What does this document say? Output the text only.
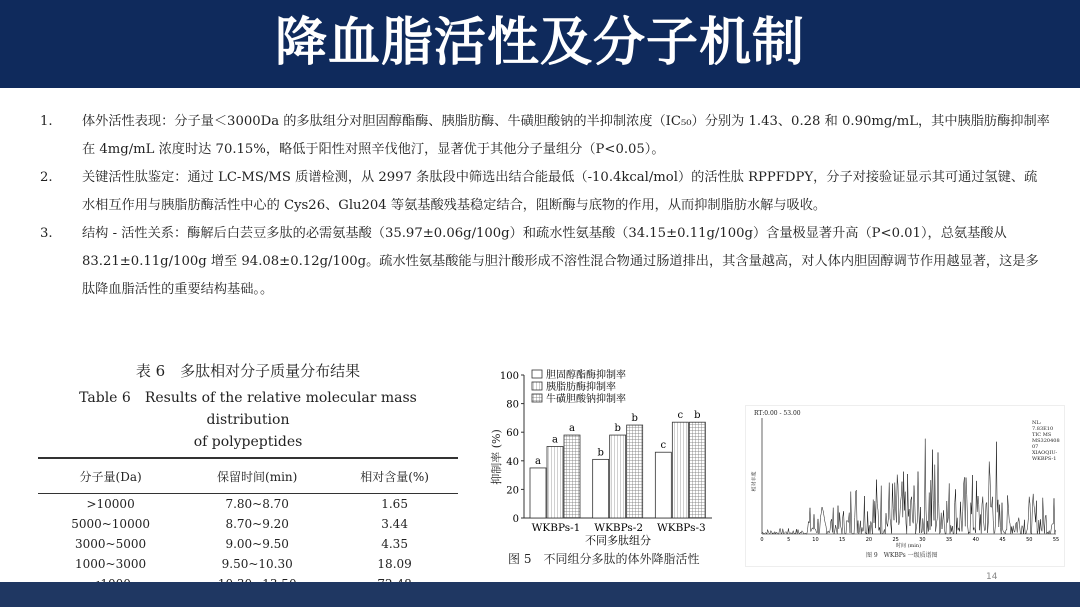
降血脂活性及分子机制
1. 体外活性表现：分子量＜3000Da 的多肽组分对胆固醇酯酶、胰脂肪酶、牛磺胆酸钠的半抑制浓度（IC₅₀）分别为 1.43、0.28 和 0.90mg/mL，其中胰脂肪酶抑制率在 4mg/mL 浓度时达 70.15%，略低于阳性对照辛伐他汀，显著优于其他分子量组分（P<0.05）。
2. 关键活性肽鉴定：通过 LC-MS/MS 质谱检测，从 2997 条肽段中筛选出结合能最低（-10.4kcal/mol）的活性肽 RPPFDPY，分子对接验证显示其可通过氢键、疏水相互作用与胰脂肪酶活性中心的 Cys26、Glu204 等氨基酸残基稳定结合，阻断酶与底物的作用，从而抑制脂肪水解与吸收。
3. 结构 - 活性关系：酶解后白芸豆多肽的必需氨基酸（35.97±0.06g/100g）和疏水性氨基酸（34.15±0.11g/100g）含量极显著升高（P<0.01），总氨基酸从 83.21±0.11g/100g 增至 94.08±0.12g/100g。疏水性氨基酸能与胆汁酸形成不溶性混合物通过肠道排出，其含量越高，对人体内胆固醇调节作用越显著，这是多肽降血脂活性的重要结构基础。。
表 6　多肽相对分子质量分布结果
Table 6　Results of the relative molecular mass distribution
of polypeptides
分子量(Da)	保留时间(min)	相对含量(%)
>10000	7.80~8.70	1.65
5000~10000	8.70~9.20	3.44
3000~5000	9.00~9.50	4.35
1000~3000	9.50~10.30	18.09

抑制率 (%)
0
20
40
60
80
100
a
a
a
WKBPs-1
b
b
b
WKBPs-2
c
c b
WKBPs-3
不同多肽组分
胆固醇酯酶抑制率
胰脂肪酶抑制率
牛磺胆酸钠抑制率
图 5　不同组分多肽的体外降脂活性
0	5	10	15	20	25	30	35	40	45	50	55
RT:0.00 - 53.00
NL:
7.83E10
TIC MS
MS320408
07
XIAOQIU-
WKBPS-1
相对丰度
时间 (min)
图 9　WKBPs 一级质谱图
14
